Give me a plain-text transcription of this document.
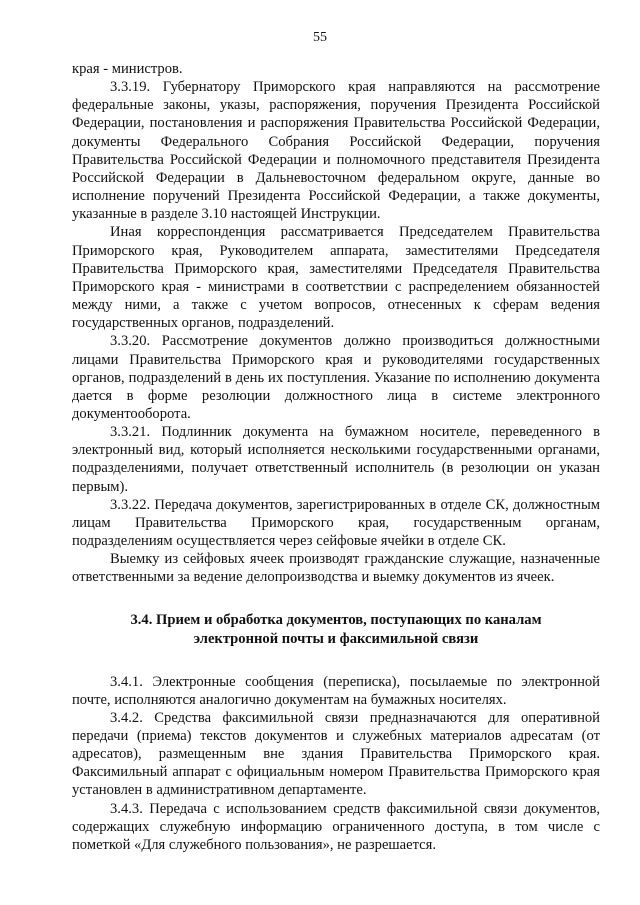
55

края - министров.

3.3.19. Губернатору Приморского края направляются на рассмотрение федеральные законы, указы, распоряжения, поручения Президента Российской Федерации, постановления и распоряжения Правительства Российской Федерации, документы Федерального Собрания Российской Федерации, поручения Правительства Российской Федерации и полномочного представителя Президента Российской Федерации в Дальневосточном федеральном округе, данные во исполнение поручений Президента Российской Федерации, а также документы, указанные в разделе 3.10 настоящей Инструкции.

Иная корреспонденция рассматривается Председателем Правительства Приморского края, Руководителем аппарата, заместителями Председателя Правительства Приморского края, заместителями Председателя Правительства Приморского края - министрами в соответствии с распределением обязанностей между ними, а также с учетом вопросов, отнесенных к сферам ведения государственных органов, подразделений.

3.3.20. Рассмотрение документов должно производиться должностными лицами Правительства Приморского края и руководителями государственных органов, подразделений в день их поступления. Указание по исполнению документа дается в форме резолюции должностного лица в системе электронного документооборота.

3.3.21. Подлинник документа на бумажном носителе, переведенного в электронный вид, который исполняется несколькими государственными органами, подразделениями, получает ответственный исполнитель (в резолюции он указан первым).

3.3.22. Передача документов, зарегистрированных в отделе СК, должностным лицам Правительства Приморского края, государственным органам, подразделениям осуществляется через сейфовые ячейки в отделе СК.

Выемку из сейфовых ячеек производят гражданские служащие, назначенные ответственными за ведение делопроизводства и выемку документов из ячеек.

3.4. Прием и обработка документов, поступающих по каналам
электронной почты и факсимильной связи

3.4.1. Электронные сообщения (переписка), посылаемые по электронной почте, исполняются аналогично документам на бумажных носителях.

3.4.2. Средства факсимильной связи предназначаются для оперативной передачи (приема) текстов документов и служебных материалов адресатам (от адресатов), размещенным вне здания Правительства Приморского края. Факсимильный аппарат с официальным номером Правительства Приморского края установлен в административном департаменте.

3.4.3. Передача с использованием средств факсимильной связи документов, содержащих служебную информацию ограниченного доступа, в том числе с пометкой «Для служебного пользования», не разрешается.
